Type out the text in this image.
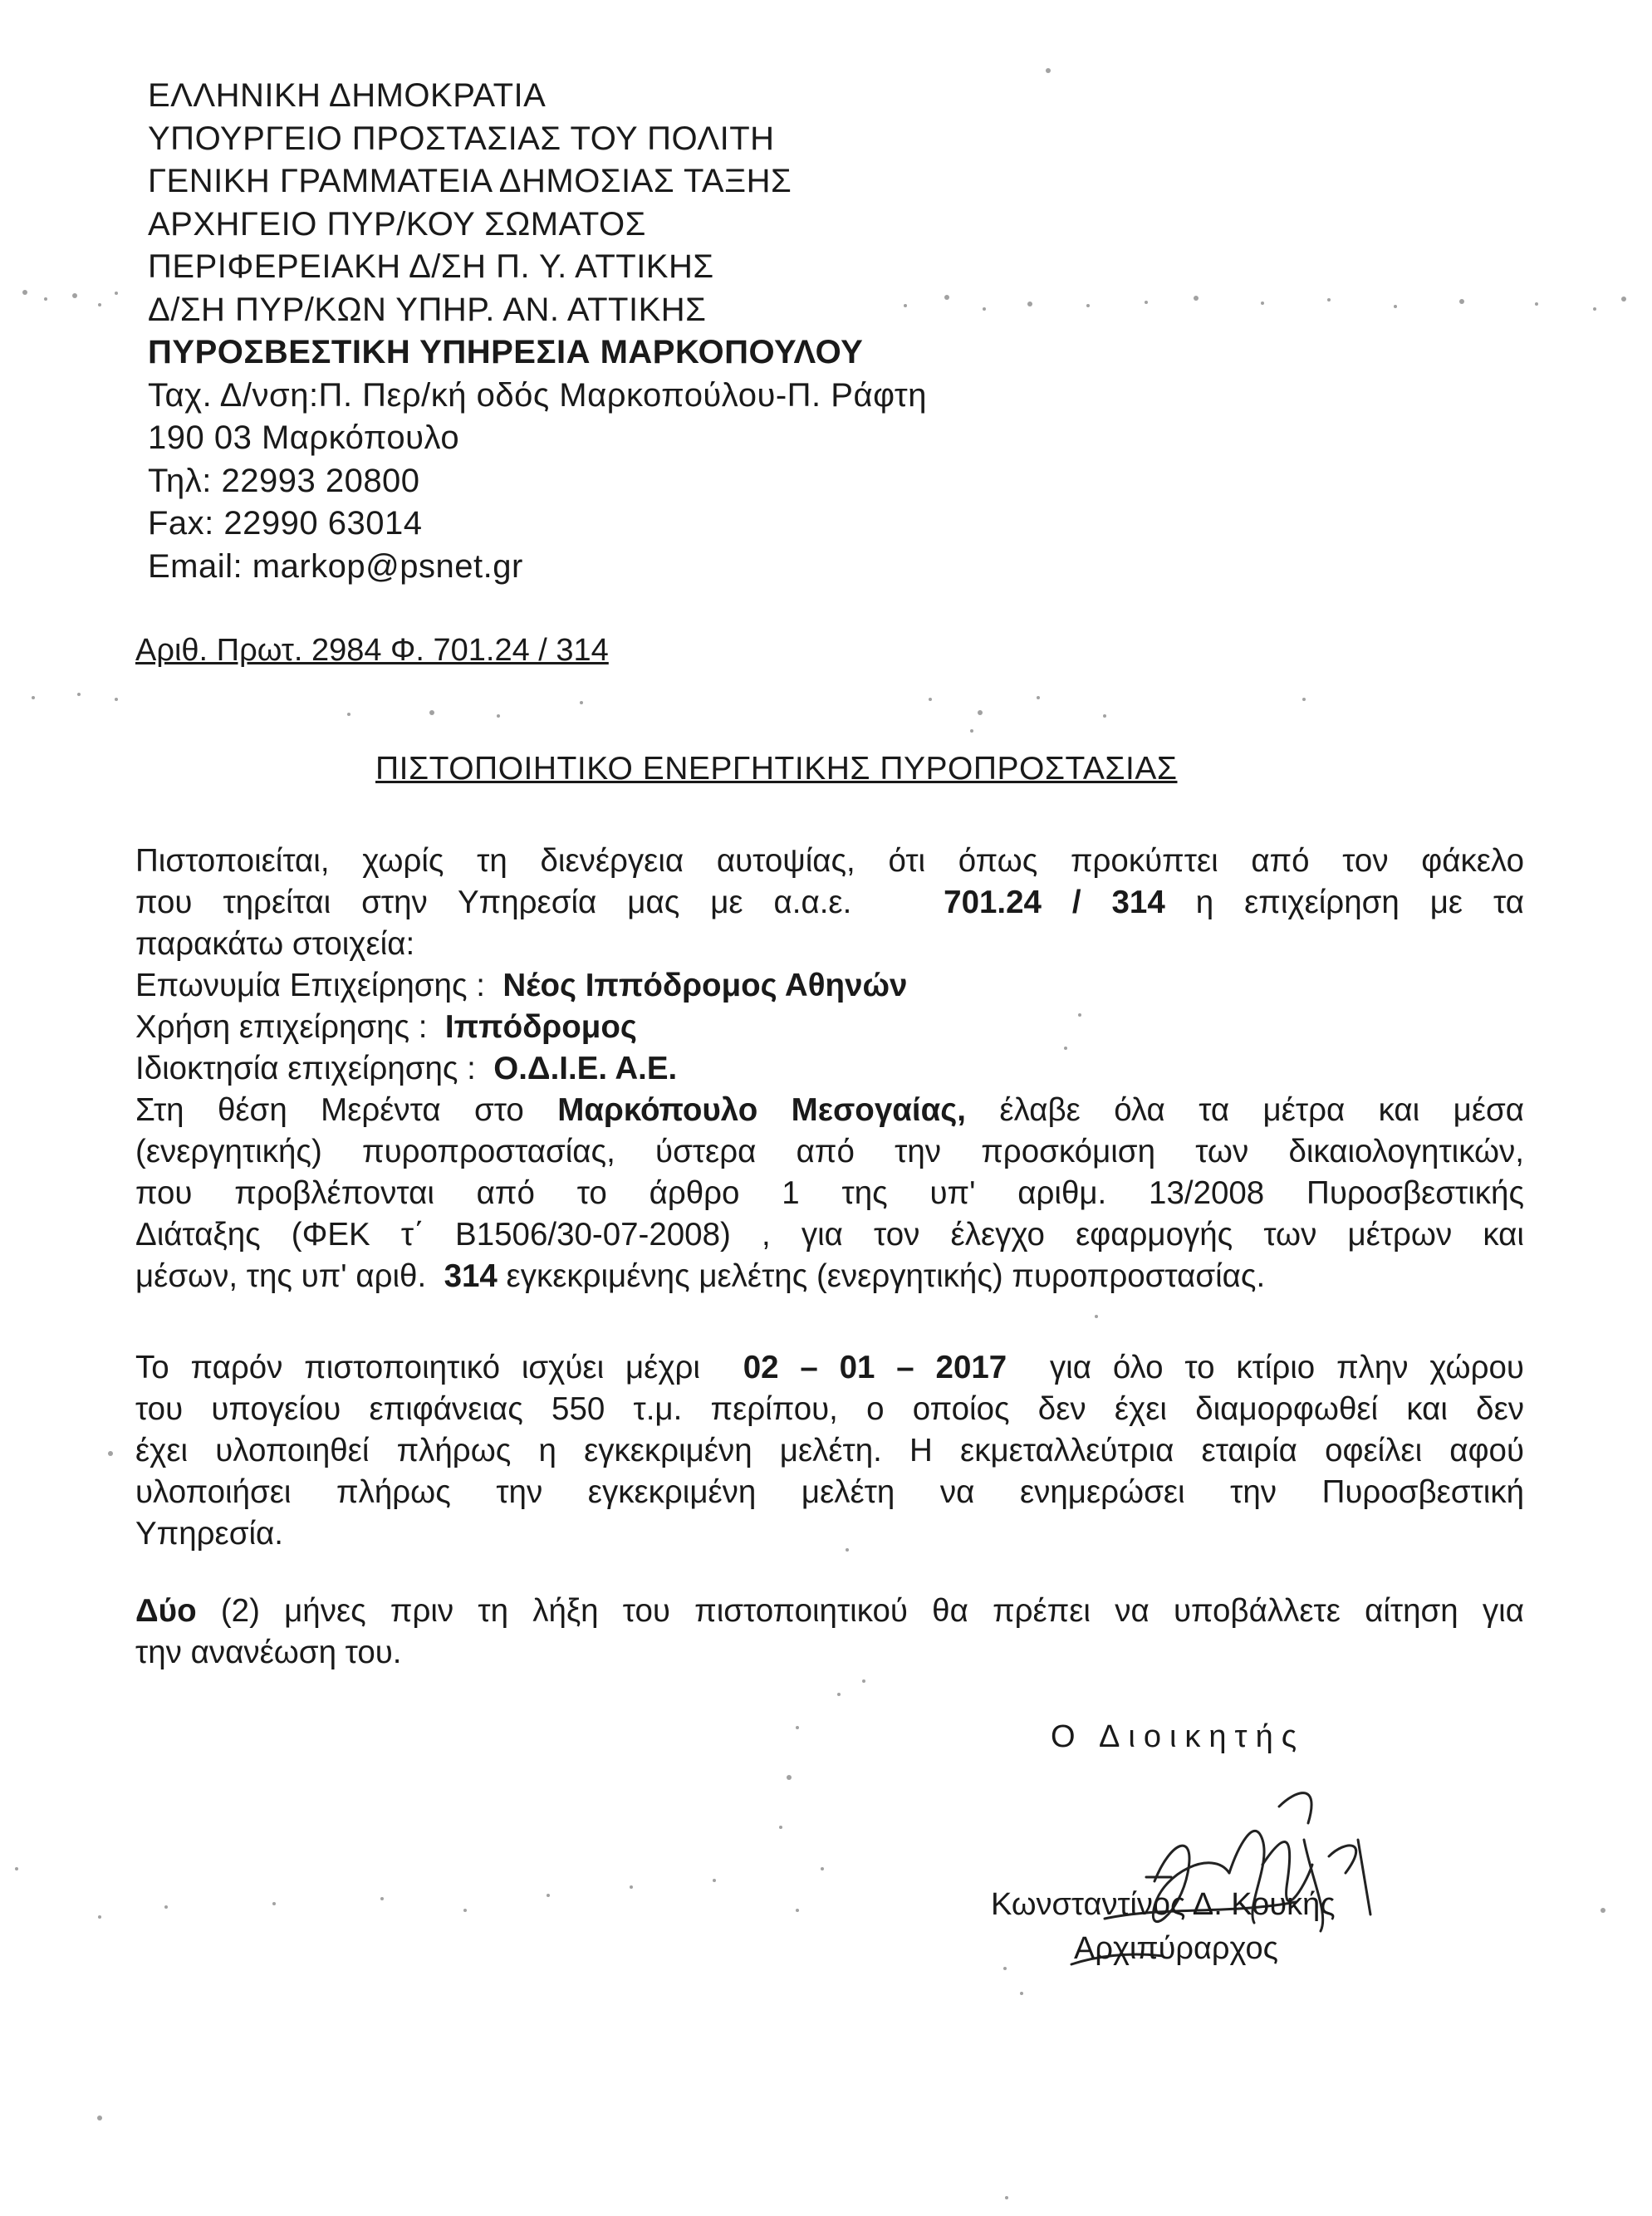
ΕΛΛΗΝΙΚΗ ΔΗΜΟΚΡΑΤΙΑ
ΥΠΟΥΡΓΕΙΟ ΠΡΟΣΤΑΣΙΑΣ ΤΟΥ ΠΟΛΙΤΗ
ΓΕΝΙΚΗ ΓΡΑΜΜΑΤΕΙΑ ΔΗΜΟΣΙΑΣ ΤΑΞΗΣ
ΑΡΧΗΓΕΙΟ ΠΥΡ/ΚΟΥ ΣΩΜΑΤΟΣ
ΠΕΡΙΦΕΡΕΙΑΚΗ Δ/ΣΗ Π. Υ. ΑΤΤΙΚΗΣ
Δ/ΣΗ ΠΥΡ/ΚΩΝ ΥΠΗΡ. ΑΝ. ΑΤΤΙΚΗΣ
ΠΥΡΟΣΒΕΣΤΙΚΗ ΥΠΗΡΕΣΙΑ ΜΑΡΚΟΠΟΥΛΟΥ
Ταχ. Δ/νση:Π. Περ/κή οδός Μαρκοπούλου-Π. Ράφτη
190 03 Μαρκόπουλο
Τηλ: 22993 20800
Fax: 22990 63014
Email: markop@psnet.gr
Αριθ. Πρωτ. 2984 Φ. 701.24 / 314
ΠΙΣΤΟΠΟΙΗΤΙΚΟ ΕΝΕΡΓΗΤΙΚΗΣ ΠΥΡΟΠΡΟΣΤΑΣΙΑΣ
Πιστοποιείται, χωρίς τη διενέργεια αυτοψίας, ότι όπως προκύπτει από τον φάκελο
που τηρείται στην Υπηρεσία μας με α.α.ε.	701.24 / 314 η επιχείρηση με τα
παρακάτω στοιχεία:
Επωνυμία Επιχείρησης : Νέος Ιππόδρομος Αθηνών
Χρήση επιχείρησης : Ιππόδρομος
Ιδιοκτησία επιχείρησης : Ο.Δ.Ι.Ε. Α.Ε.
Στη θέση Μερέντα στο Μαρκόπουλο Μεσογαίας, έλαβε όλα τα μέτρα και μέσα
(ενεργητικής) πυροπροστασίας, ύστερα από την προσκόμιση των δικαιολογητικών,
που προβλέπονται από το άρθρο 1 της υπ' αριθμ. 13/2008 Πυροσβεστικής
Διάταξης (ΦΕΚ τ΄ Β1506/30-07-2008) , για τον έλεγχο εφαρμογής των μέτρων και
μέσων, της υπ' αριθ. 314 εγκεκριμένης μελέτης (ενεργητικής) πυροπροστασίας.
Το παρόν πιστοποιητικό ισχύει μέχρι 02 – 01 – 2017 για όλο το κτίριο πλην χώρου
του υπογείου επιφάνειας 550 τ.μ. περίπου, ο οποίος δεν έχει διαμορφωθεί και δεν
έχει υλοποιηθεί πλήρως η εγκεκριμένη μελέτη. Η εκμεταλλεύτρια εταιρία οφείλει αφού
υλοποιήσει πλήρως την εγκεκριμένη μελέτη να ενημερώσει την Πυροσβεστική
Υπηρεσία.
Δύο (2) μήνες πριν τη λήξη του πιστοποιητικού θα πρέπει να υποβάλλετε αίτηση για
την ανανέωση του.
Ο Διοικητής
Κωνσταντίνος Δ. Κουκής
Αρχιπύραρχος
